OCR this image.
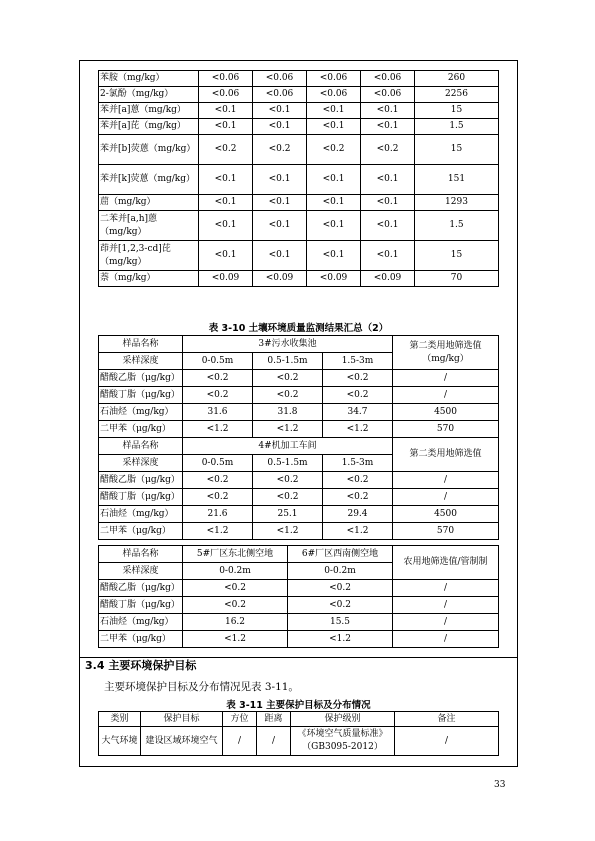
苯胺（mg/kg）	<0.06	<0.06	<0.06	<0.06	260
2-氯酚（mg/kg）	<0.06	<0.06	<0.06	<0.06	2256
苯并[a]蒽（mg/kg）	<0.1	<0.1	<0.1	<0.1	15
苯并[a]芘（mg/kg）	<0.1	<0.1	<0.1	<0.1	1.5
苯并[b]荧蒽（mg/kg）	<0.2	<0.2	<0.2	<0.2	15
苯并[k]荧蒽（mg/kg）	<0.1	<0.1	<0.1	<0.1	151
䓛（mg/kg）	<0.1	<0.1	<0.1	<0.1	1293
二苯并[a,h]蒽（mg/kg）	<0.1	<0.1	<0.1	<0.1	1.5
茚并[1,2,3-cd]芘（mg/kg）	<0.1	<0.1	<0.1	<0.1	15
萘（mg/kg）	<0.09	<0.09	<0.09	<0.09	70
表 3-10 土壤环境质量监测结果汇总（2）
样品名称	3#污水收集池			第二类用地筛选值（mg/kg）
采样深度	0-0.5m	0.5-1.5m	1.5-3m	
醋酸乙脂（μg/kg）	<0.2	<0.2	<0.2	/
醋酸丁脂（μg/kg）	<0.2	<0.2	<0.2	/
石油烃（mg/kg）	31.6	31.8	34.7	4500
二甲苯（μg/kg）	<1.2	<1.2	<1.2	570
样品名称	4#机加工车间			第二类用地筛选值
采样深度	0-0.5m	0.5-1.5m	1.5-3m	
醋酸乙脂（μg/kg）	<0.2	<0.2	<0.2	/
醋酸丁脂（μg/kg）	<0.2	<0.2	<0.2	/
石油烃（mg/kg）	21.6	25.1	29.4	4500
二甲苯（μg/kg）	<1.2	<1.2	<1.2	570
样品名称	5#厂区东北侧空地	6#厂区西南侧空地	农用地筛选值/管制制
采样深度	0-0.2m	0-0.2m	
醋酸乙脂（μg/kg）	<0.2	<0.2	/
醋酸丁脂（μg/kg）	<0.2	<0.2	/
石油烃（mg/kg）	16.2	15.5	/
二甲苯（μg/kg）	<1.2	<1.2	/
3.4 主要环境保护目标
主要环境保护目标及分布情况见表 3-11。
表 3-11 主要保护目标及分布情况
类别	保护目标	方位	距离	保护级别	备注
大气环境	建设区域环境空气	/	/	《环境空气质量标准》（GB3095-2012）	/
33
